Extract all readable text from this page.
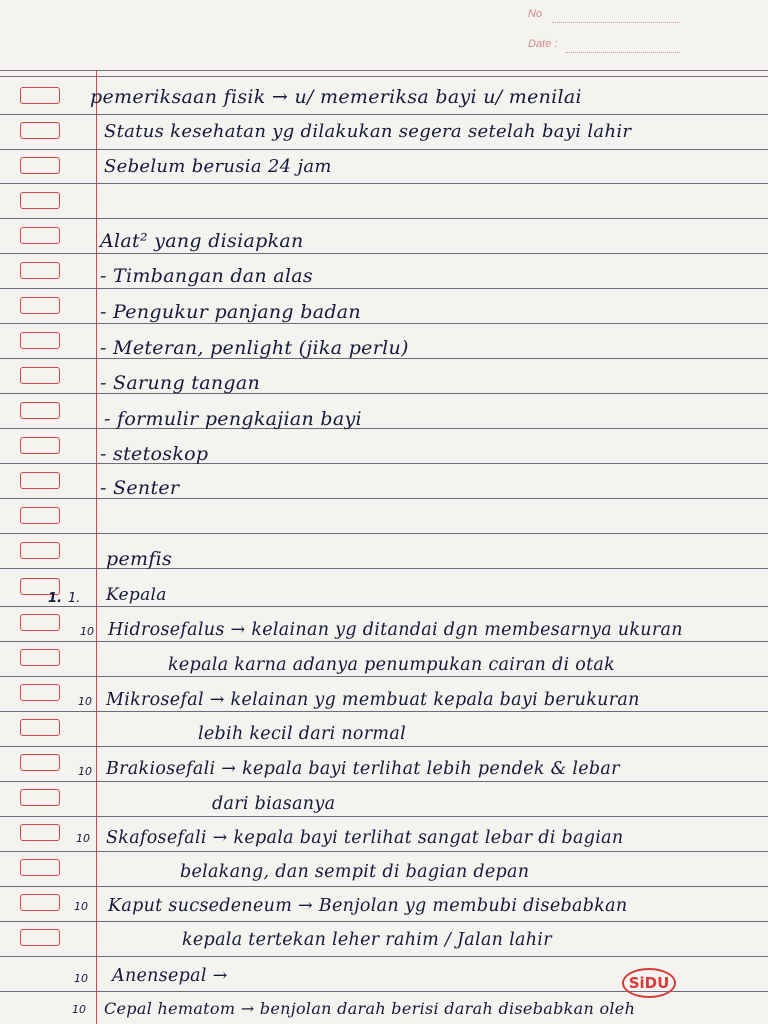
No
Date :
1. 1.
10
10
10
10
10
10
10
pemeriksaan fisik → u/ memeriksa bayi u/ menilai
Status kesehatan yg dilakukan segera setelah bayi lahir
Sebelum berusia 24 jam
Alat² yang disiapkan
- Timbangan dan alas
- Pengukur panjang badan
- Meteran, penlight (jika perlu)
- Sarung tangan
- formulir pengkajian bayi
- stetoskop
- Senter
pemfis
Kepala
Hidrosefalus → kelainan yg ditandai dgn membesarnya ukuran
kepala karna adanya penumpukan cairan di otak
Mikrosefal → kelainan yg membuat kepala bayi berukuran
lebih kecil dari normal
Brakiosefali → kepala bayi terlihat lebih pendek & lebar
dari biasanya
Skafosefali → kepala bayi terlihat sangat lebar di bagian
belakang, dan sempit di bagian depan
Kaput sucsedeneum → Benjolan yg membubi disebabkan
kepala tertekan leher rahim / Jalan lahir
Anensepal →
Cepal hematom → benjolan darah berisi darah disebabkan oleh
SiDU
